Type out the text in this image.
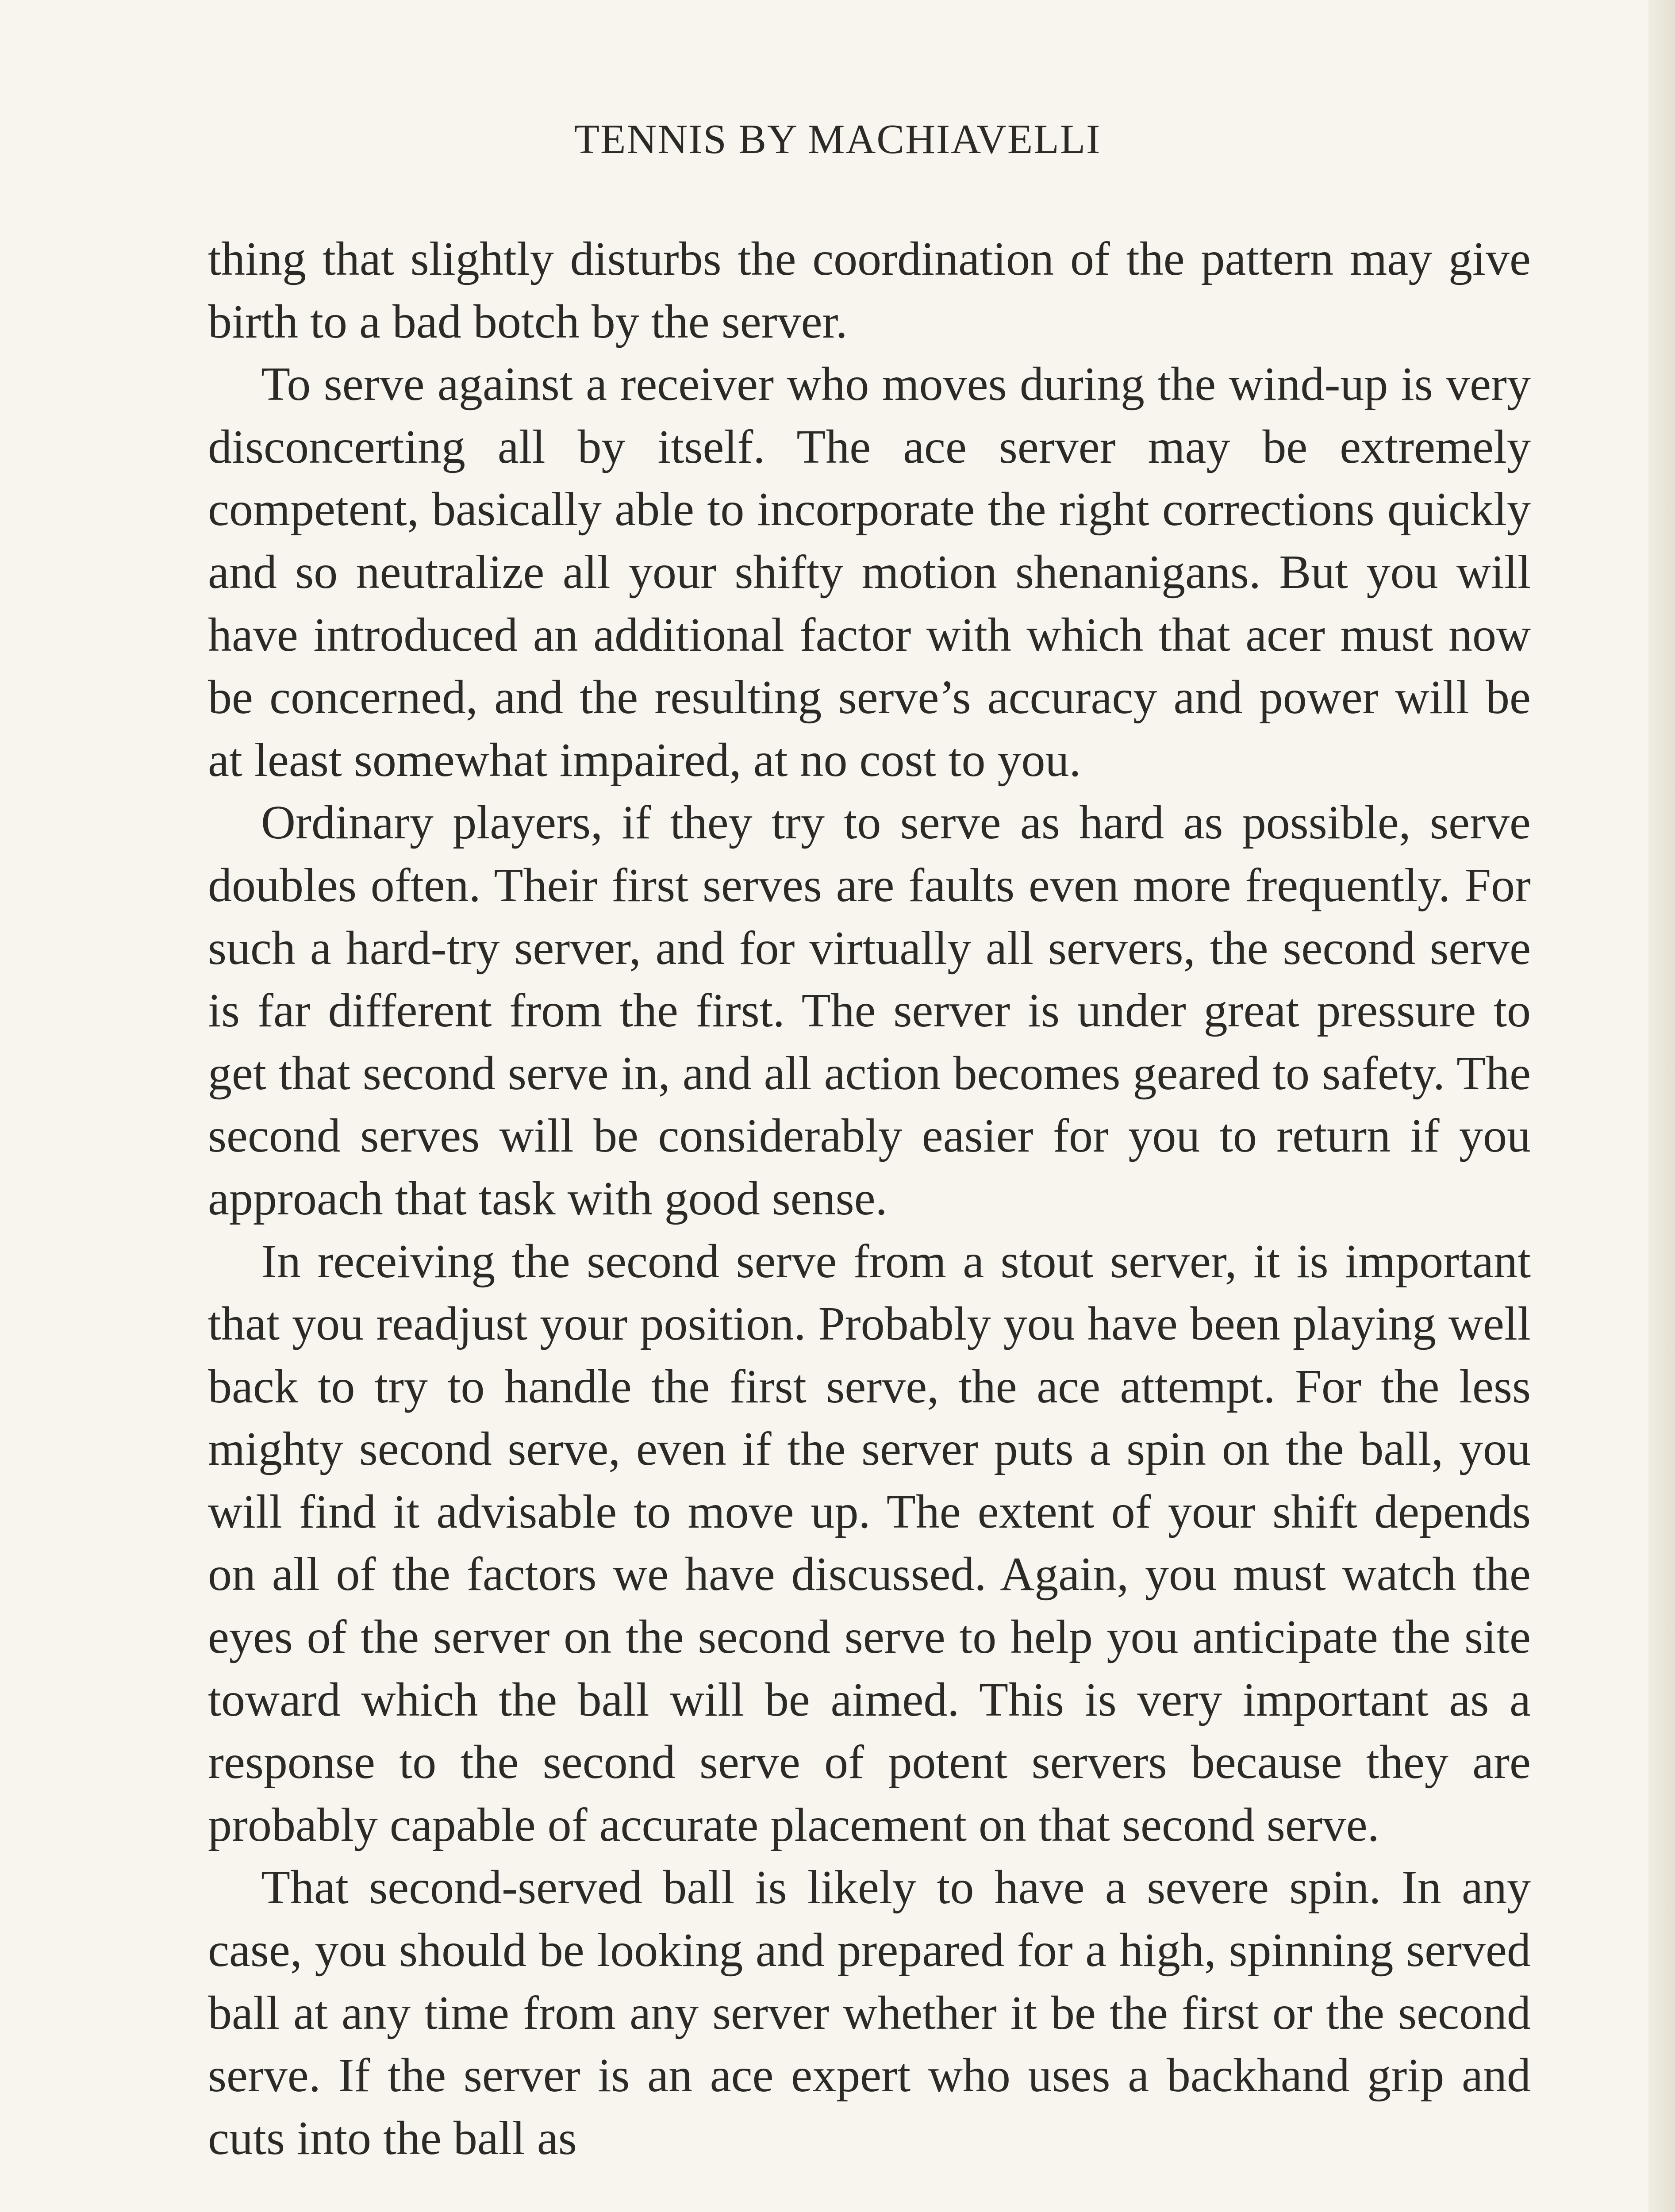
TENNIS BY MACHIAVELLI

thing that slightly disturbs the coordination of the pattern may give birth to a bad botch by the server.

To serve against a receiver who moves during the wind-up is very disconcerting all by itself. The ace server may be extremely competent, basically able to incorporate the right corrections quickly and so neutralize all your shifty motion shenanigans. But you will have introduced an additional factor with which that acer must now be concerned, and the resulting serve’s accuracy and power will be at least somewhat impaired, at no cost to you.

Ordinary players, if they try to serve as hard as possible, serve doubles often. Their first serves are faults even more frequently. For such a hard-try server, and for virtually all servers, the second serve is far different from the first. The server is under great pressure to get that second serve in, and all action becomes geared to safety. The second serves will be considerably easier for you to return if you approach that task with good sense.

In receiving the second serve from a stout server, it is important that you readjust your position. Probably you have been playing well back to try to handle the first serve, the ace attempt. For the less mighty second serve, even if the server puts a spin on the ball, you will find it advisable to move up. The extent of your shift depends on all of the factors we have discussed. Again, you must watch the eyes of the server on the second serve to help you anticipate the site toward which the ball will be aimed. This is very important as a response to the second serve of potent servers because they are probably capable of accurate placement on that second serve.

That second-served ball is likely to have a severe spin. In any case, you should be looking and prepared for a high, spinning served ball at any time from any server whether it be the first or the second serve. If the server is an ace expert who uses a backhand grip and cuts into the ball as
